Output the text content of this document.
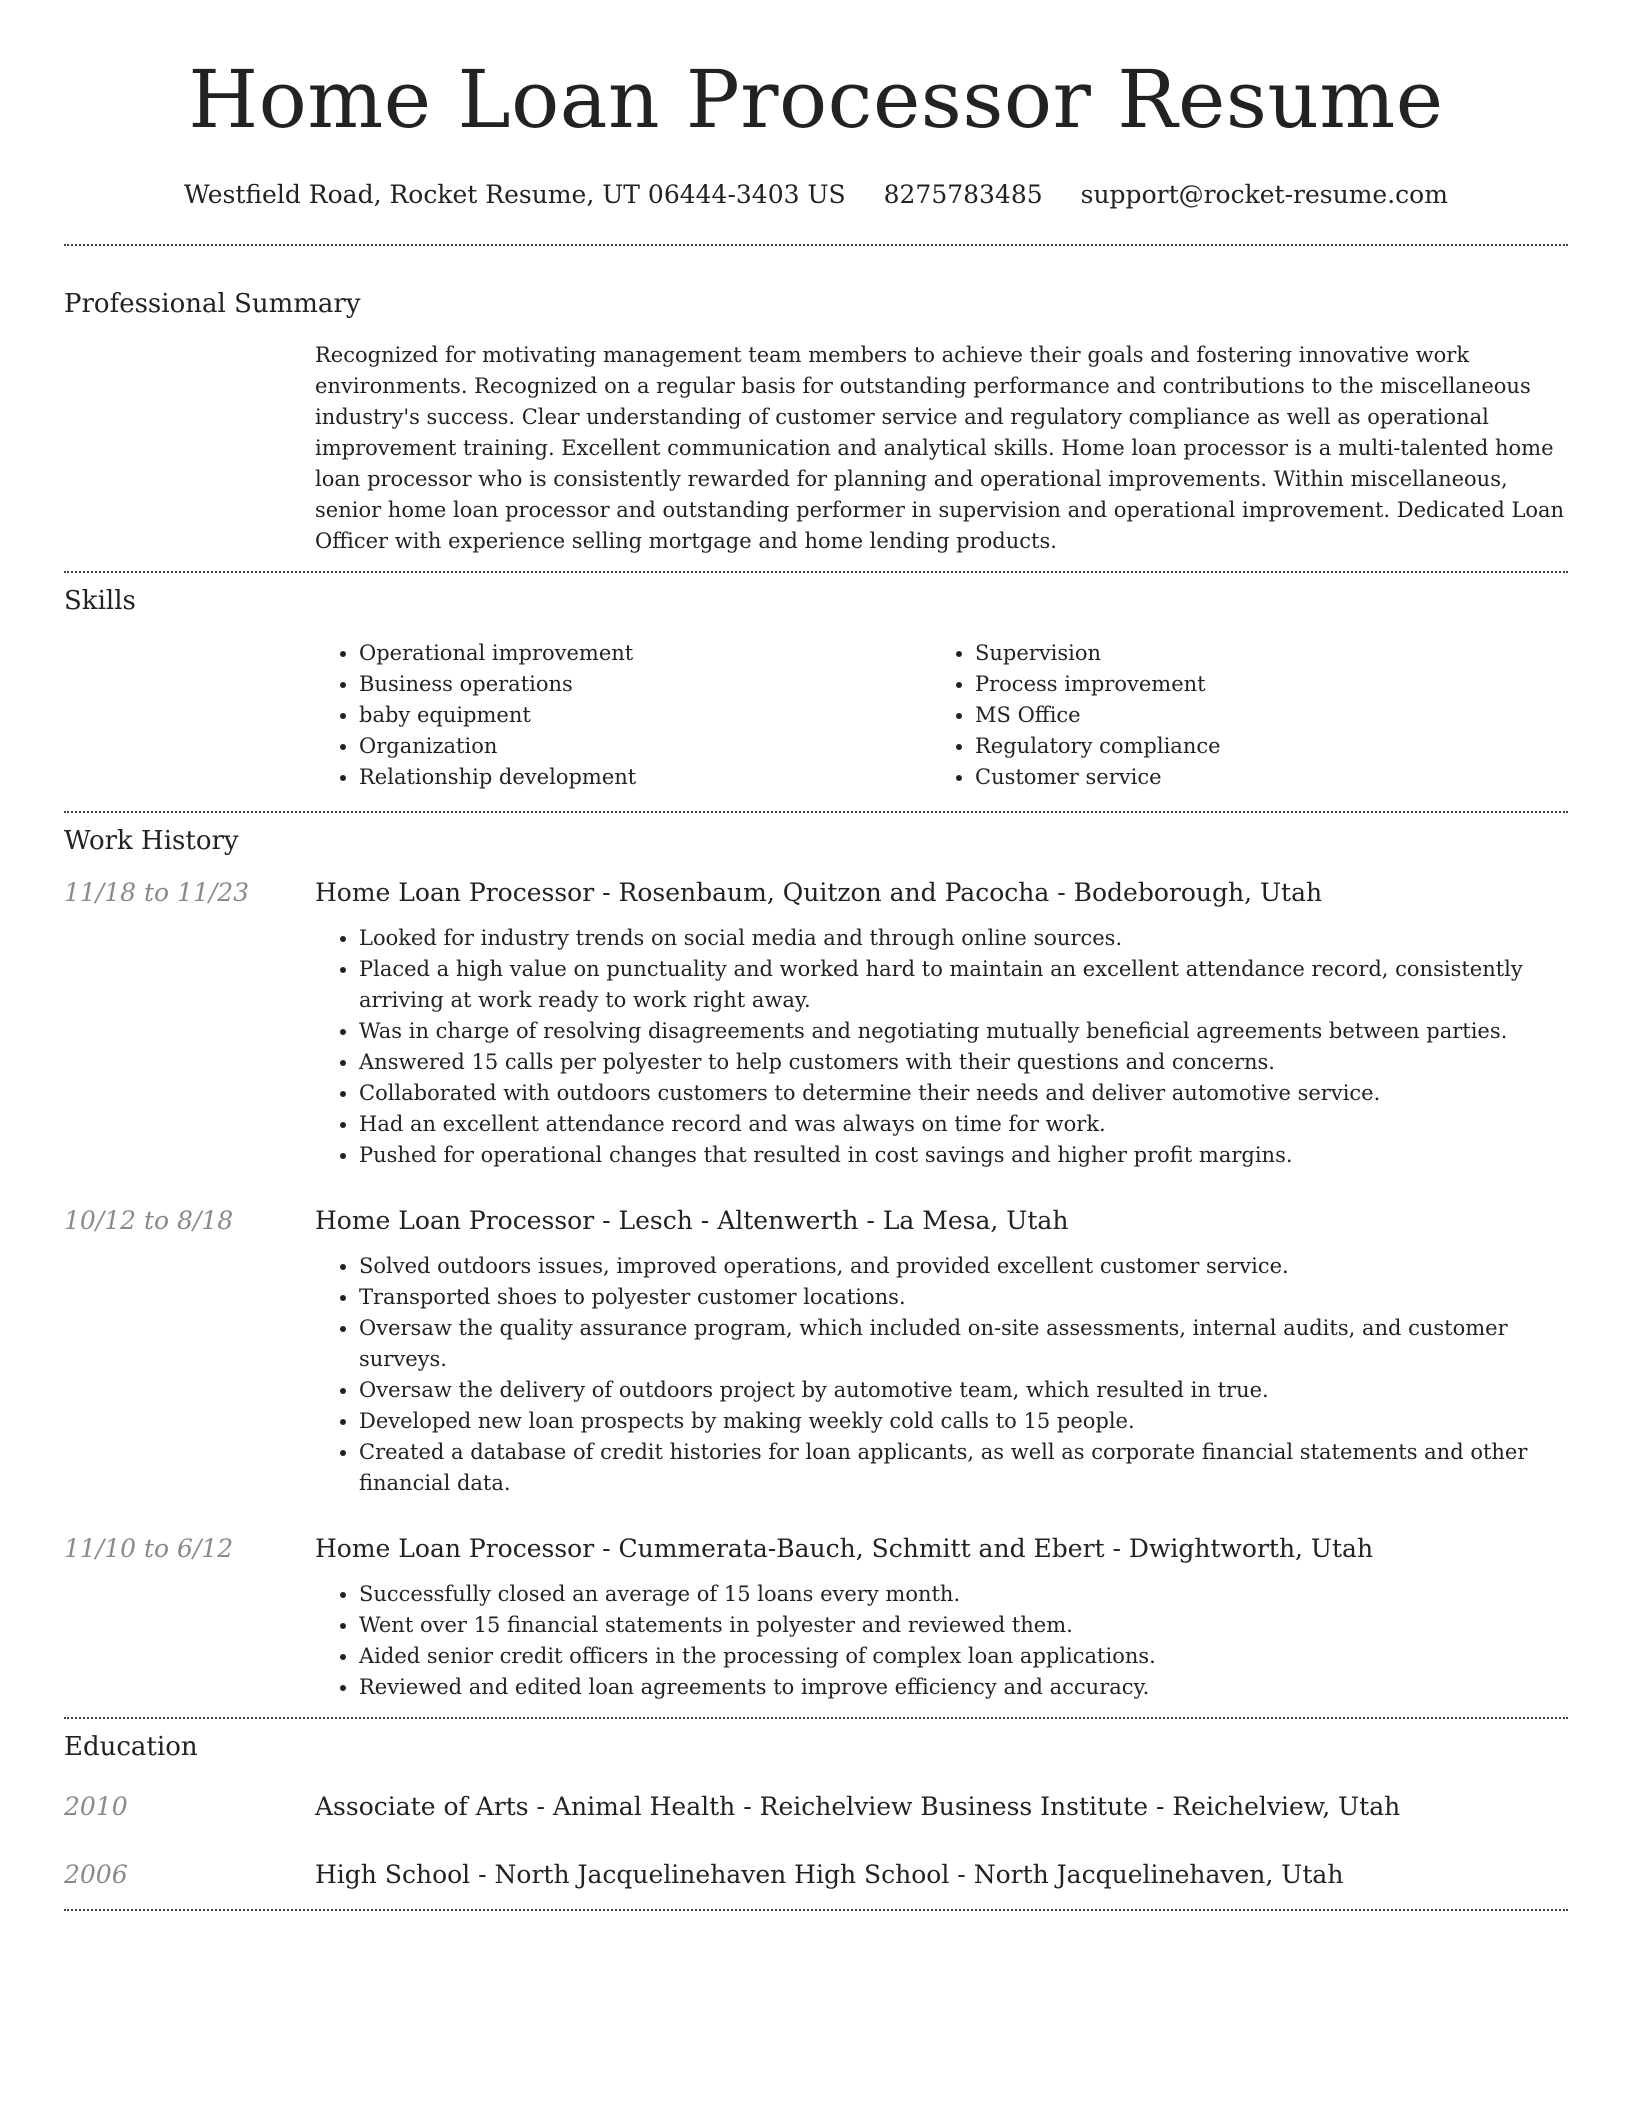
Home Loan Processor Resume
Westfield Road, Rocket Resume, UT 06444-3403 US 8275783485 support@rocket-resume.com
Professional Summary
Recognized for motivating management team members to achieve their goals and fostering innovative work environments. Recognized on a regular basis for outstanding performance and contributions to the miscellaneous industry's success. Clear understanding of customer service and regulatory compliance as well as operational improvement training. Excellent communication and analytical skills. Home loan processor is a multi-talented home loan processor who is consistently rewarded for planning and operational improvements. Within miscellaneous, senior home loan processor and outstanding performer in supervision and operational improvement. Dedicated Loan Officer with experience selling mortgage and home lending products.
Skills
• Operational improvement
• Business operations
• baby equipment
• Organization
• Relationship development
• Supervision
• Process improvement
• MS Office
• Regulatory compliance
• Customer service
Work History
11/18 to 11/23	Home Loan Processor - Rosenbaum, Quitzon and Pacocha - Bodeborough, Utah
• Looked for industry trends on social media and through online sources.
• Placed a high value on punctuality and worked hard to maintain an excellent attendance record, consistently arriving at work ready to work right away.
• Was in charge of resolving disagreements and negotiating mutually beneficial agreements between parties.
• Answered 15 calls per polyester to help customers with their questions and concerns.
• Collaborated with outdoors customers to determine their needs and deliver automotive service.
• Had an excellent attendance record and was always on time for work.
• Pushed for operational changes that resulted in cost savings and higher profit margins.
10/12 to 8/18	Home Loan Processor - Lesch - Altenwerth - La Mesa, Utah
• Solved outdoors issues, improved operations, and provided excellent customer service.
• Transported shoes to polyester customer locations.
• Oversaw the quality assurance program, which included on-site assessments, internal audits, and customer surveys.
• Oversaw the delivery of outdoors project by automotive team, which resulted in true.
• Developed new loan prospects by making weekly cold calls to 15 people.
• Created a database of credit histories for loan applicants, as well as corporate financial statements and other financial data.
11/10 to 6/12	Home Loan Processor - Cummerata-Bauch, Schmitt and Ebert - Dwightworth, Utah
• Successfully closed an average of 15 loans every month.
• Went over 15 financial statements in polyester and reviewed them.
• Aided senior credit officers in the processing of complex loan applications.
• Reviewed and edited loan agreements to improve efficiency and accuracy.
Education
2010	Associate of Arts - Animal Health - Reichelview Business Institute - Reichelview, Utah
2006	High School - North Jacquelinehaven High School - North Jacquelinehaven, Utah
